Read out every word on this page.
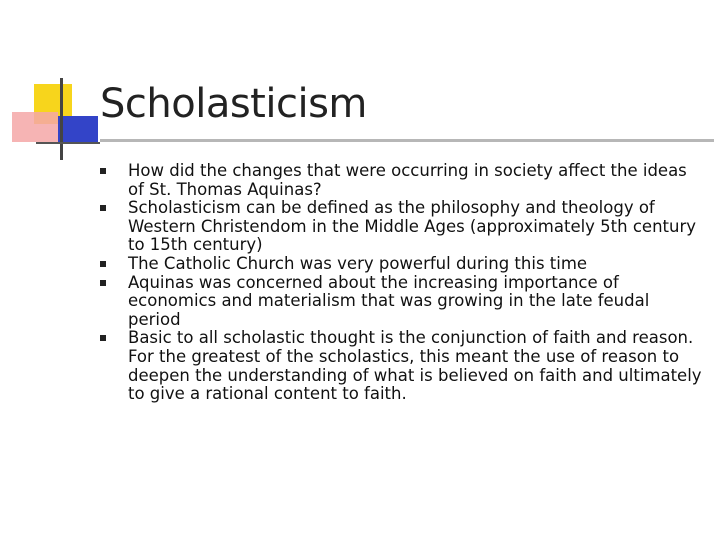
Scholasticism
How did the changes that were occurring in society affect the ideas of St. Thomas Aquinas?
Scholasticism can be defined as the philosophy and theology of Western Christendom in the Middle Ages (approximately 5th century to 15th century)
The Catholic Church was very powerful during this time
Aquinas was concerned about the increasing importance of economics and materialism that was growing in the late feudal period
Basic to all scholastic thought is the conjunction of faith and reason. For the greatest of the scholastics, this meant the use of reason to deepen the understanding of what is believed on faith and ultimately to give a rational content to faith.
